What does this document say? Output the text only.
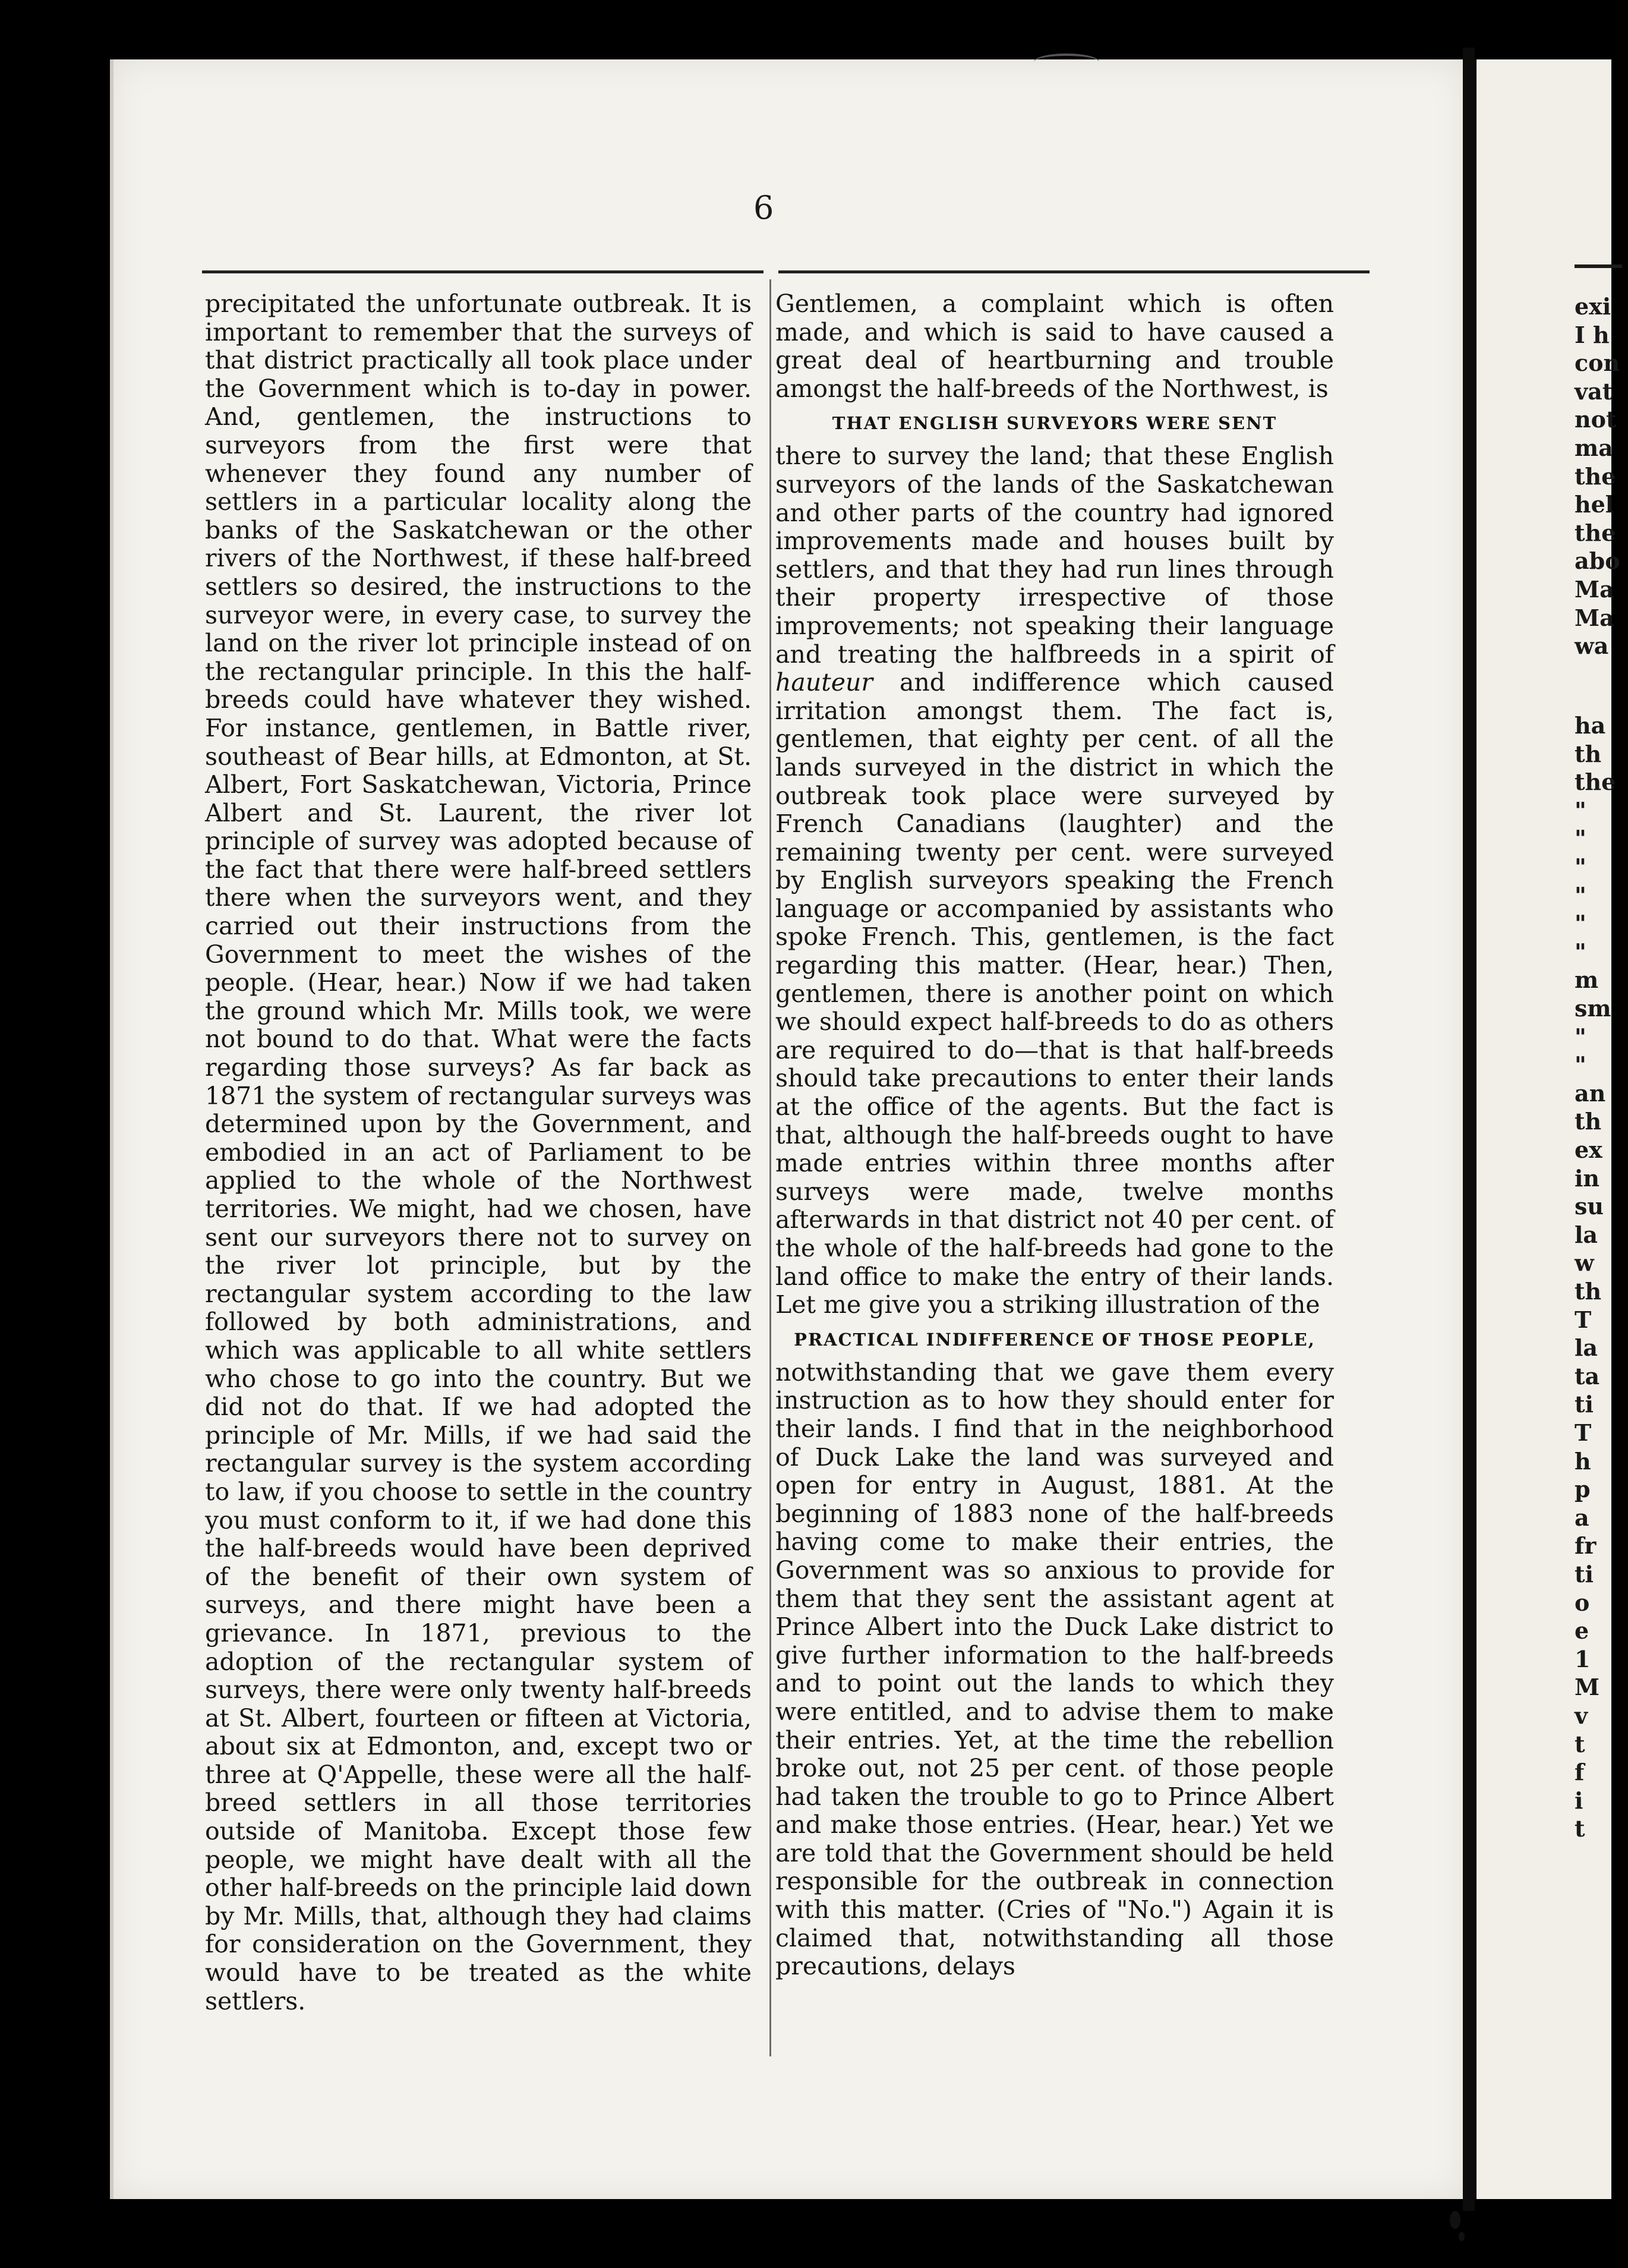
exi
I h
con
vat
not
ma
the
hel
the
abo
Ma
Ma
wa
ha
th
the
"
"
"
"
"
"
m
sm
"
"
an
th
ex
in
su
la
w
th
T
la
ta
ti
T
h
p
a
fr
ti
o
e
1
M
v
t
f
i
t
6

precipitated the unfortunate outbreak. It is important to remember that the surveys of that district practically all took place under the Government which is to-day in power. And, gentlemen, the instructions to surveyors from the first were that whenever they found any number of settlers in a particular locality along the banks of the Saskatchewan or the other rivers of the Northwest, if these half-breed settlers so desired, the instructions to the surveyor were, in every case, to survey the land on the river lot principle instead of on the rectangular principle. In this the half-breeds could have whatever they wished. For instance, gentlemen, in Battle river, southeast of Bear hills, at Edmonton, at St. Albert, Fort Saskatchewan, Victoria, Prince Albert and St. Laurent, the river lot principle of survey was adopted because of the fact that there were half-breed settlers there when the surveyors went, and they carried out their instructions from the Government to meet the wishes of the people. (Hear, hear.) Now if we had taken the ground which Mr. Mills took, we were not bound to do that. What were the facts regarding those surveys? As far back as 1871 the system of rectangular surveys was determined upon by the Government, and embodied in an act of Parliament to be applied to the whole of the Northwest territories. We might, had we chosen, have sent our surveyors there not to survey on the river lot principle, but by the rectangular system according to the law followed by both administrations, and which was applicable to all white settlers who chose to go into the country. But we did not do that. If we had adopted the principle of Mr. Mills, if we had said the rectangular survey is the system according to law, if you choose to settle in the country you must conform to it, if we had done this the half-breeds would have been deprived of the benefit of their own system of surveys, and there might have been a grievance. In 1871, previous to the adoption of the rectangular system of surveys, there were only twenty half-breeds at St. Albert, fourteen or fifteen at Victoria, about six at Edmonton, and, except two or three at Q'Appelle, these were all the half-breed settlers in all those territories outside of Manitoba. Except those few people, we might have dealt with all the other half-breeds on the principle laid down by Mr. Mills, that, although they had claims for consideration on the Government, they would have to be treated as the white settlers.

Gentlemen, a complaint which is often made, and which is said to have caused a great deal of heartburning and trouble amongst the half-breeds of the Northwest, is

THAT ENGLISH SURVEYORS WERE SENT

there to survey the land; that these English surveyors of the lands of the Saskatchewan and other parts of the country had ignored improvements made and houses built by settlers, and that they had run lines through their property irrespective of those improvements; not speaking their language and treating the halfbreeds in a spirit of hauteur and indifference which caused irritation amongst them. The fact is, gentlemen, that eighty per cent. of all the lands surveyed in the district in which the outbreak took place were surveyed by French Canadians (laughter) and the remaining twenty per cent. were surveyed by English surveyors speaking the French language or accompanied by assistants who spoke French. This, gentlemen, is the fact regarding this matter. (Hear, hear.) Then, gentlemen, there is another point on which we should expect half-breeds to do as others are required to do—that is that half-breeds should take precautions to enter their lands at the office of the agents. But the fact is that, although the half-breeds ought to have made entries within three months after surveys were made, twelve months afterwards in that district not 40 per cent. of the whole of the half-breeds had gone to the land office to make the entry of their lands. Let me give you a striking illustration of the

PRACTICAL INDIFFERENCE OF THOSE PEOPLE,

notwithstanding that we gave them every instruction as to how they should enter for their lands. I find that in the neighborhood of Duck Lake the land was surveyed and open for entry in August, 1881. At the beginning of 1883 none of the half-breeds having come to make their entries, the Government was so anxious to provide for them that they sent the assistant agent at Prince Albert into the Duck Lake district to give further information to the half-breeds and to point out the lands to which they were entitled, and to advise them to make their entries. Yet, at the time the rebellion broke out, not 25 per cent. of those people had taken the trouble to go to Prince Albert and make those entries. (Hear, hear.) Yet we are told that the Government should be held responsible for the outbreak in connection with this matter. (Cries of "No.") Again it is claimed that, notwithstanding all those precautions, delays
